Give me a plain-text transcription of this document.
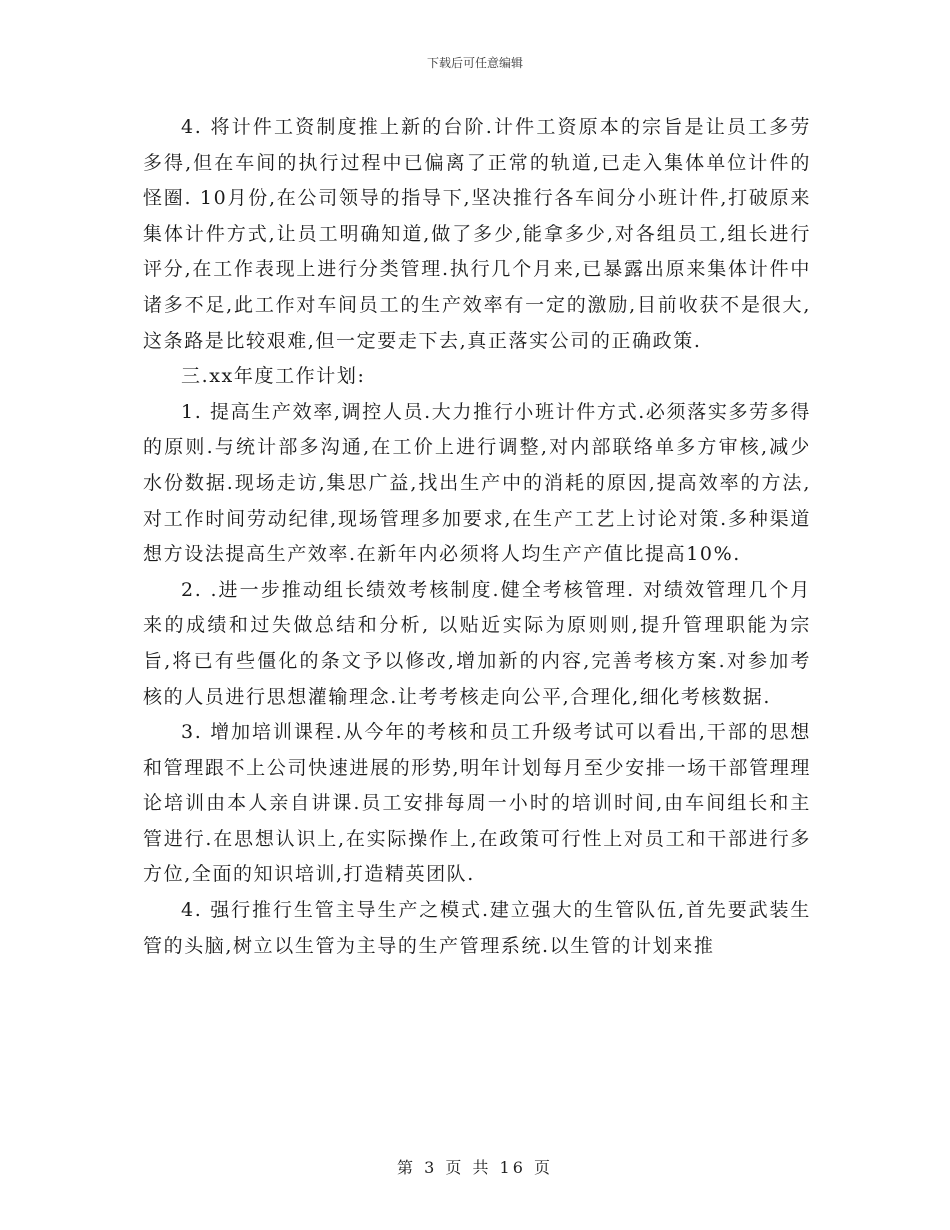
下载后可任意编辑

4. 将计件工资制度推上新的台阶.计件工资原本的宗旨是让员工多劳多得,但在车间的执行过程中已偏离了正常的轨道,已走入集体单位计件的怪圈. 10月份,在公司领导的指导下,坚决推行各车间分小班计件,打破原来集体计件方式,让员工明确知道,做了多少,能拿多少,对各组员工,组长进行评分,在工作表现上进行分类管理.执行几个月来,已暴露出原来集体计件中诸多不足,此工作对车间员工的生产效率有一定的激励,目前收获不是很大,这条路是比较艰难,但一定要走下去,真正落实公司的正确政策.

三.xx年度工作计划:

1. 提高生产效率,调控人员.大力推行小班计件方式.必须落实多劳多得的原则.与统计部多沟通,在工价上进行调整,对内部联络单多方审核,减少水份数据.现场走访,集思广益,找出生产中的消耗的原因,提高效率的方法,对工作时间劳动纪律,现场管理多加要求,在生产工艺上讨论对策.多种渠道想方设法提高生产效率.在新年内必须将人均生产产值比提高10%.

2. .进一步推动组长绩效考核制度.健全考核管理. 对绩效管理几个月来的成绩和过失做总结和分析, 以贴近实际为原则则,提升管理职能为宗旨,将已有些僵化的条文予以修改,增加新的内容,完善考核方案.对参加考核的人员进行思想灌输理念.让考考核走向公平,合理化,细化考核数据.

3. 增加培训课程.从今年的考核和员工升级考试可以看出,干部的思想和管理跟不上公司快速进展的形势,明年计划每月至少安排一场干部管理理论培训由本人亲自讲课.员工安排每周一小时的培训时间,由车间组长和主管进行.在思想认识上,在实际操作上,在政策可行性上对员工和干部进行多方位,全面的知识培训,打造精英团队.

4. 强行推行生管主导生产之模式.建立强大的生管队伍,首先要武装生管的头脑,树立以生管为主导的生产管理系统.以生管的计划来推

第 3 页 共 16 页
